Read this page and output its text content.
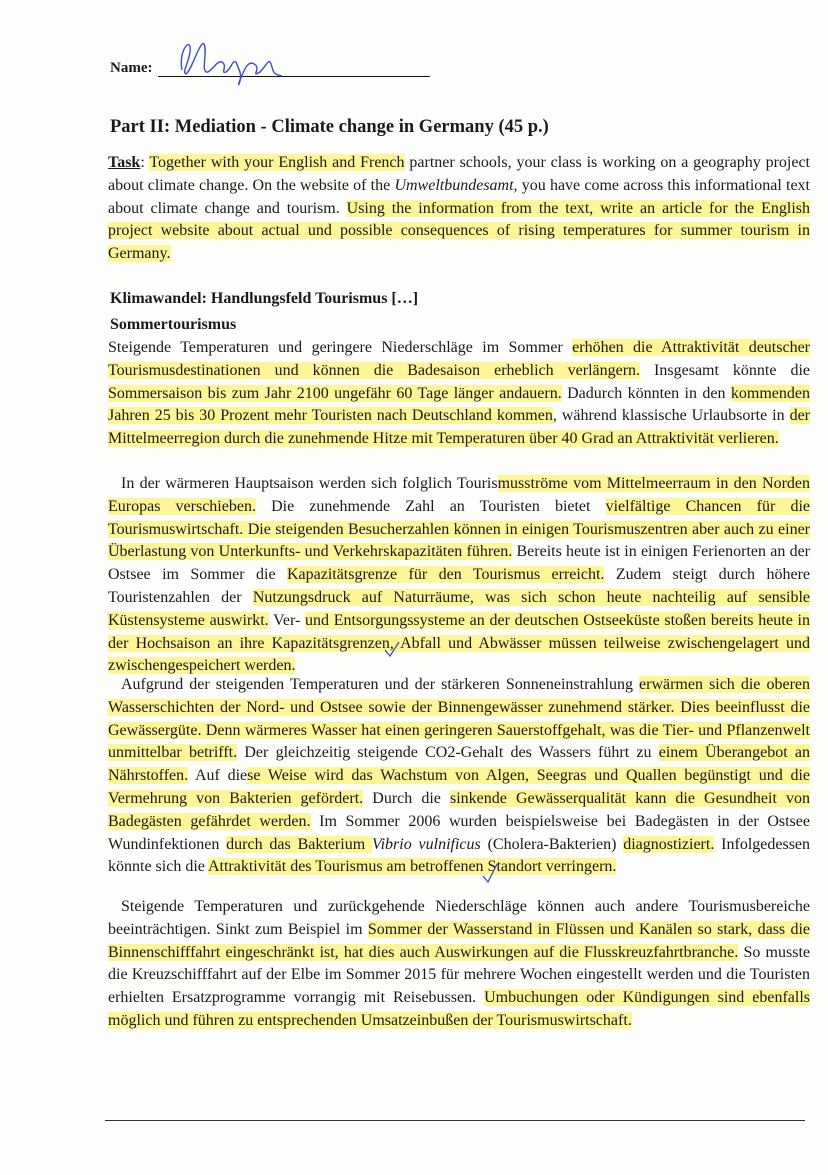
Name:
Part II: Mediation - Climate change in Germany (45 p.)
Task: Together with your English and French partner schools, your class is working on a geography project about climate change. On the website of the Umweltbundesamt, you have come across this informational text about climate change and tourism. Using the information from the text, write an article for the English project website about actual und possible consequences of rising temperatures for summer tourism in Germany.
Klimawandel: Handlungsfeld Tourismus […]
Sommertourismus
Steigende Temperaturen und geringere Niederschläge im Sommer erhöhen die Attraktivität deutscher Tourismusdestinationen und können die Badesaison erheblich verlängern. Insgesamt könnte die Sommersaison bis zum Jahr 2100 ungefähr 60 Tage länger andauern. Dadurch könnten in den kommenden Jahren 25 bis 30 Prozent mehr Touristen nach Deutschland kommen, während klassische Urlaubsorte in der Mittelmeerregion durch die zunehmende Hitze mit Temperaturen über 40 Grad an Attraktivität verlieren.
In der wärmeren Hauptsaison werden sich folglich Tourismusströme vom Mittelmeerraum in den Norden Europas verschieben. Die zunehmende Zahl an Touristen bietet vielfältige Chancen für die Tourismuswirtschaft. Die steigenden Besucherzahlen können in einigen Tourismuszentren aber auch zu einer Überlastung von Unterkunfts- und Verkehrskapazitäten führen. Bereits heute ist in einigen Ferienorten an der Ostsee im Sommer die Kapazitätsgrenze für den Tourismus erreicht. Zudem steigt durch höhere Touristenzahlen der Nutzungsdruck auf Naturräume, was sich schon heute nachteilig auf sensible Küstensysteme auswirkt. Ver- und Entsorgungssysteme an der deutschen Ostseeküste stoßen bereits heute in der Hochsaison an ihre Kapazitätsgrenzen, Abfall und Abwässer müssen teilweise zwischengelagert und zwischengespeichert werden.
Aufgrund der steigenden Temperaturen und der stärkeren Sonneneinstrahlung erwärmen sich die oberen Wasserschichten der Nord- und Ostsee sowie der Binnengewässer zunehmend stärker. Dies beeinflusst die Gewässergüte. Denn wärmeres Wasser hat einen geringeren Sauerstoffgehalt, was die Tier- und Pflanzenwelt unmittelbar betrifft. Der gleichzeitig steigende CO2-Gehalt des Wassers führt zu einem Überangebot an Nährstoffen. Auf diese Weise wird das Wachstum von Algen, Seegras und Quallen begünstigt und die Vermehrung von Bakterien gefördert. Durch die sinkende Gewässerqualität kann die Gesundheit von Badegästen gefährdet werden. Im Sommer 2006 wurden beispielsweise bei Badegästen in der Ostsee Wundinfektionen durch das Bakterium Vibrio vulnificus (Cholera-Bakterien) diagnostiziert. Infolgedessen könnte sich die Attraktivität des Tourismus am betroffenen Standort verringern.
Steigende Temperaturen und zurückgehende Niederschläge können auch andere Tourismusbereiche beeinträchtigen. Sinkt zum Beispiel im Sommer der Wasserstand in Flüssen und Kanälen so stark, dass die Binnenschifffahrt eingeschränkt ist, hat dies auch Auswirkungen auf die Flusskreuzfahrtbranche. So musste die Kreuzschifffahrt auf der Elbe im Sommer 2015 für mehrere Wochen eingestellt werden und die Touristen erhielten Ersatzprogramme vorrangig mit Reisebussen. Umbuchungen oder Kündigungen sind ebenfalls möglich und führen zu entsprechenden Umsatzeinbußen der Tourismuswirtschaft.
